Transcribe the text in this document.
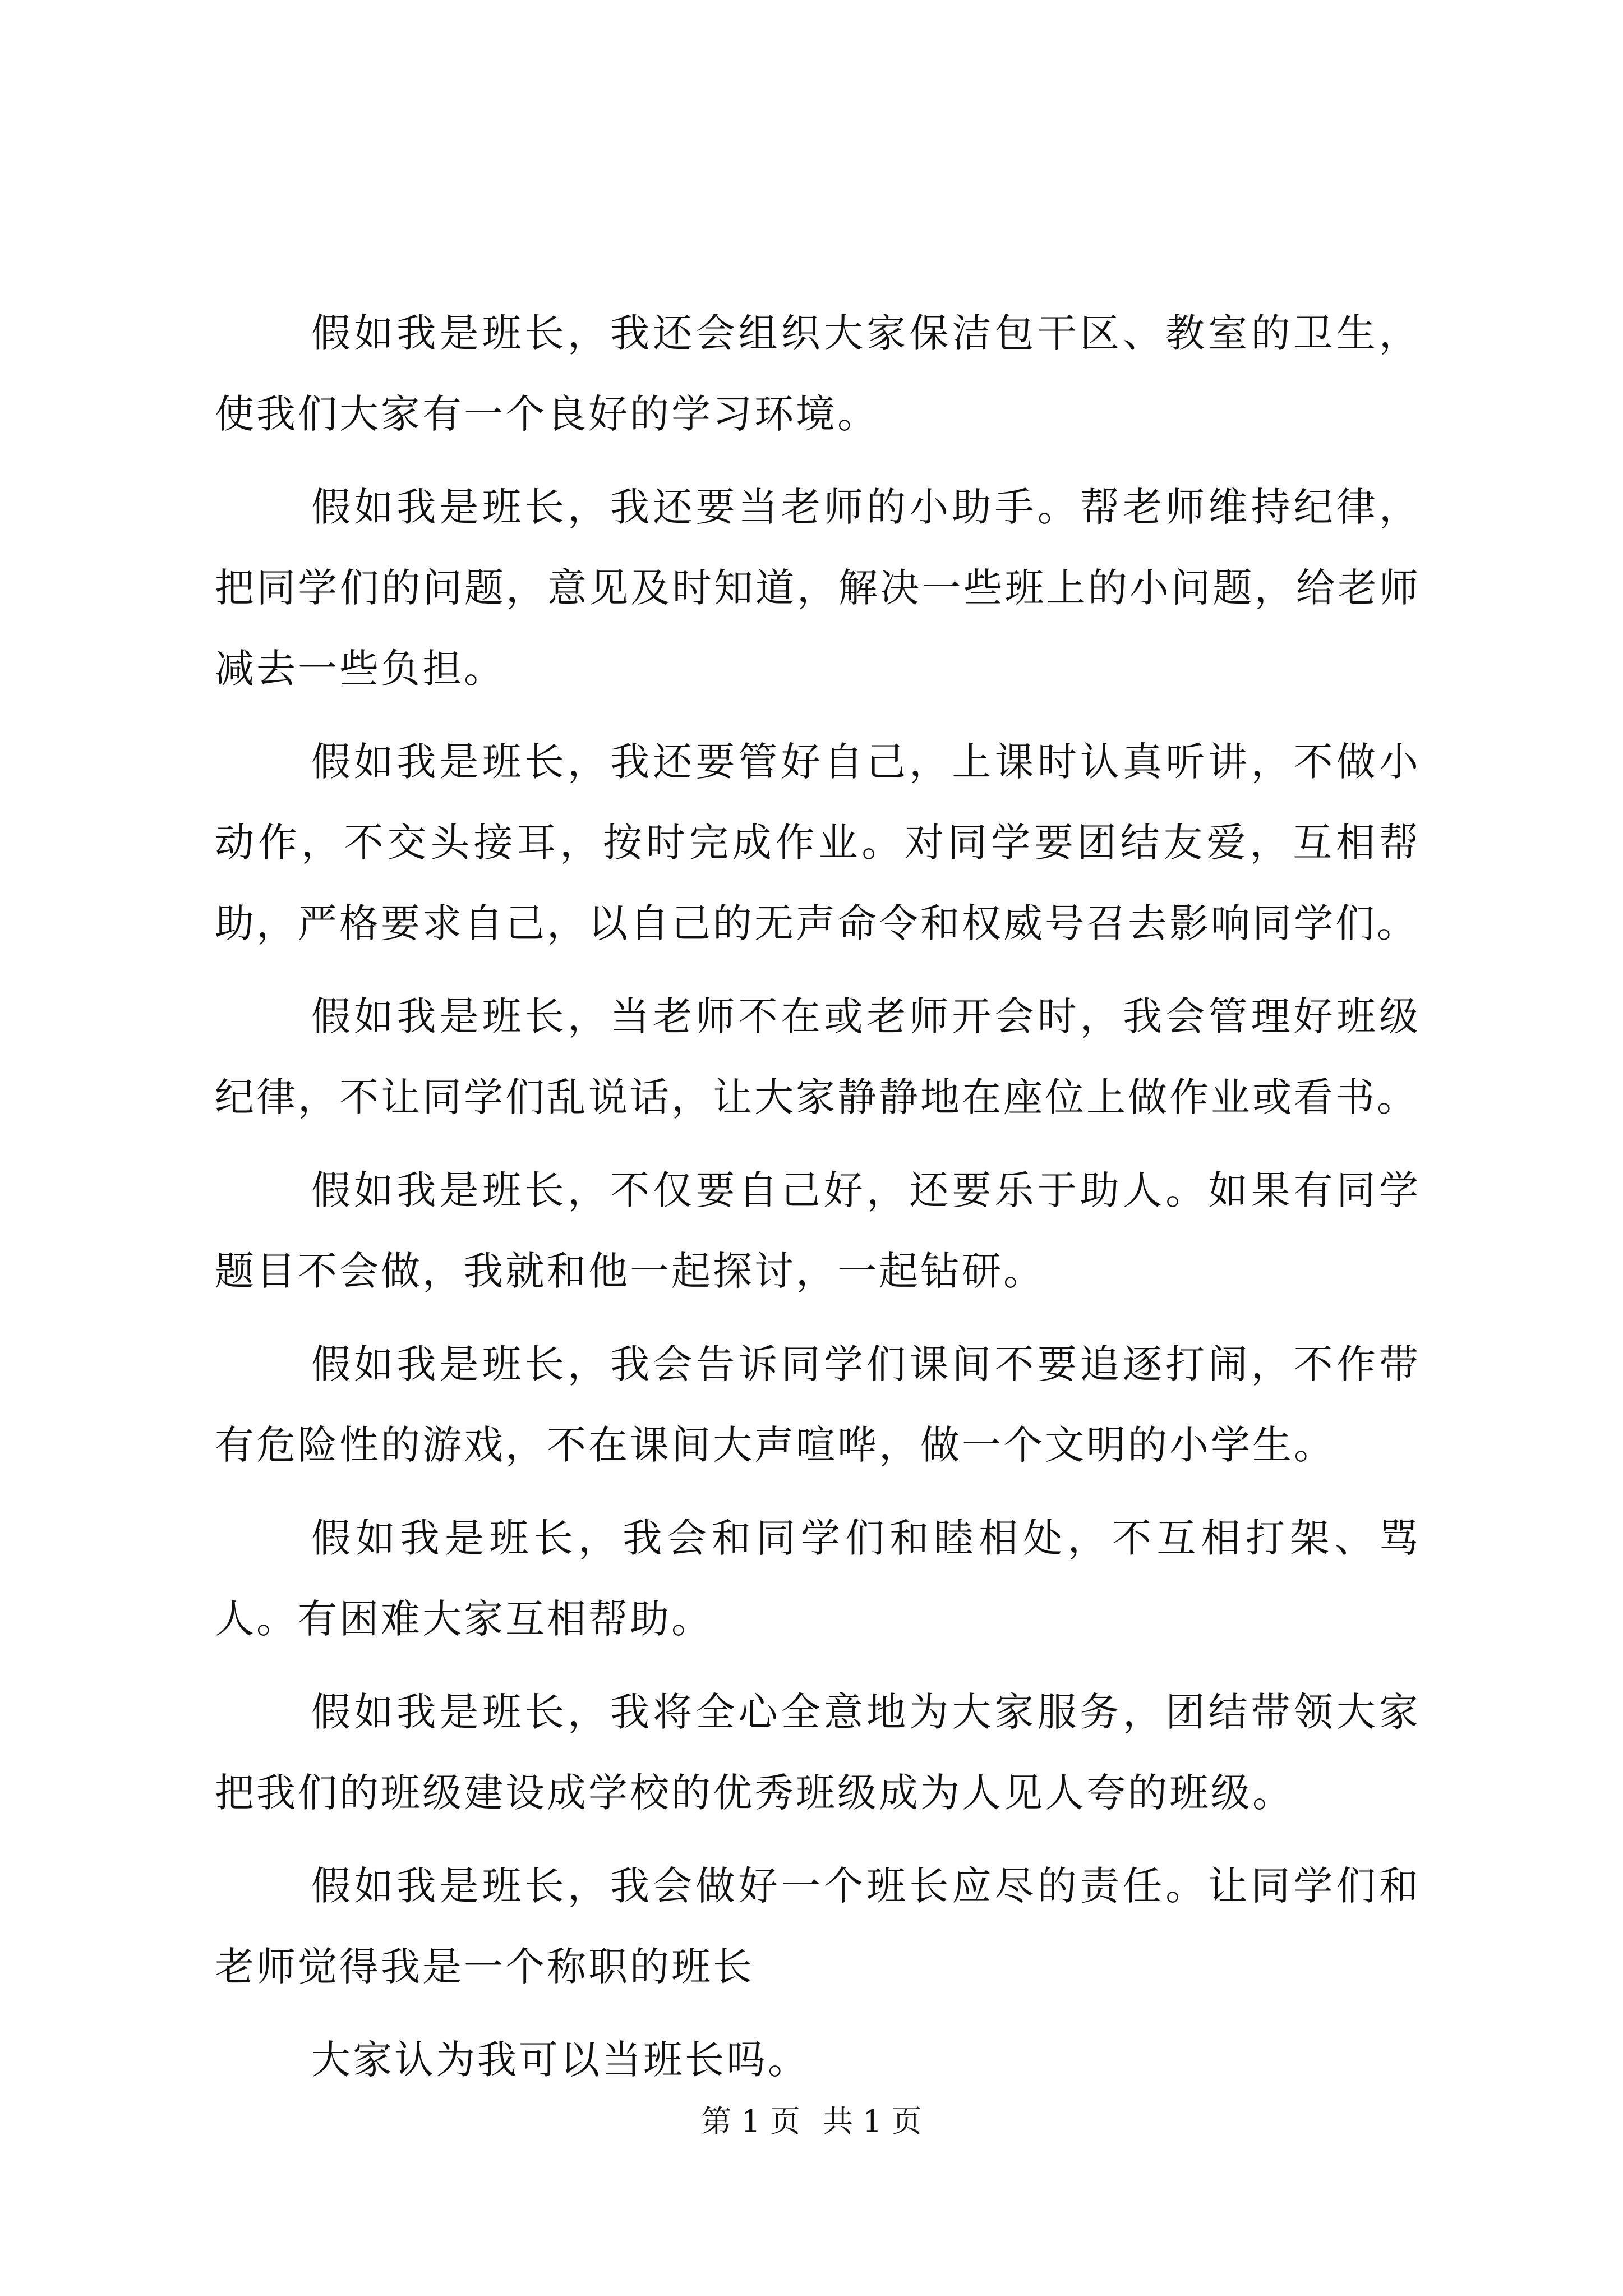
假如我是班长，我还会组织大家保洁包干区、教室的卫生，使我们大家有一个良好的学习环境。

假如我是班长，我还要当老师的小助手。帮老师维持纪律，把同学们的问题，意见及时知道，解决一些班上的小问题，给老师减去一些负担。

假如我是班长，我还要管好自己，上课时认真听讲，不做小动作，不交头接耳，按时完成作业。对同学要团结友爱，互相帮助，严格要求自己，以自己的无声命令和权威号召去影响同学们。

假如我是班长，当老师不在或老师开会时，我会管理好班级纪律，不让同学们乱说话，让大家静静地在座位上做作业或看书。

假如我是班长，不仅要自己好，还要乐于助人。如果有同学题目不会做，我就和他一起探讨，一起钻研。

假如我是班长，我会告诉同学们课间不要追逐打闹，不作带有危险性的游戏，不在课间大声喧哗，做一个文明的小学生。

假如我是班长，我会和同学们和睦相处，不互相打架、骂人。有困难大家互相帮助。

假如我是班长，我将全心全意地为大家服务，团结带领大家把我们的班级建设成学校的优秀班级成为人见人夸的班级。

假如我是班长，我会做好一个班长应尽的责任。让同学们和老师觉得我是一个称职的班长

大家认为我可以当班长吗。

第 1 页 共 1 页
